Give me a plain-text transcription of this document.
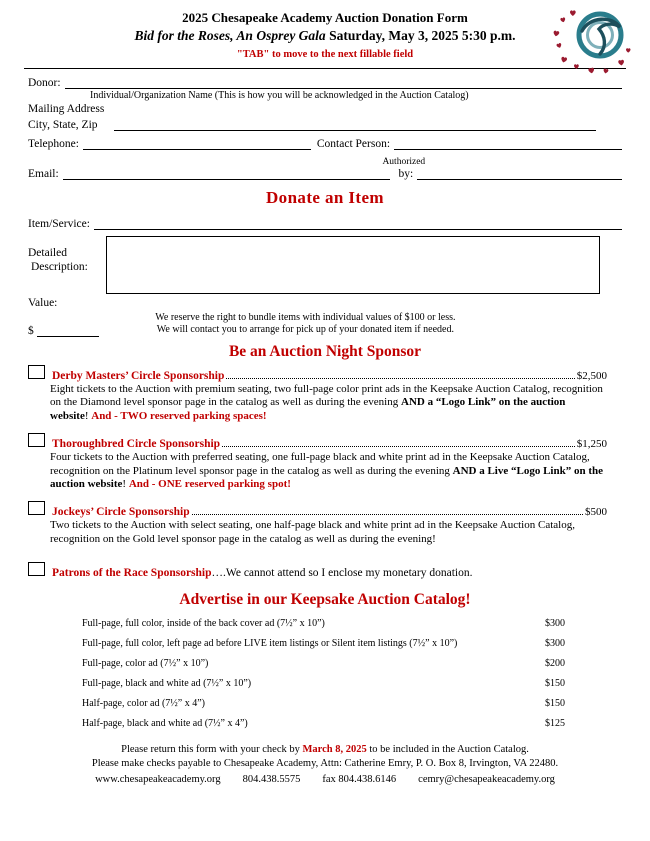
2025 Chesapeake Academy Auction Donation Form
Bid for the Roses, An Osprey Gala Saturday, May 3, 2025 5:30 p.m.
"TAB" to move to the next fillable field
Donor:
Individual/Organization Name (This is how you will be acknowledged in the Auction Catalog)
Mailing Address
City, State, Zip
Telephone:	Contact Person:
Email:
Authorized
by:
Donate an Item
Item/Service:
Detailed
Description:
Value:
$
We reserve the right to bundle items with individual values of $100 or less.
We will contact you to arrange for pick up of your donated item if needed.
Be an Auction Night Sponsor
Derby Masters’ Circle Sponsorship	$2,500
Eight tickets to the Auction with premium seating, two full-page color print ads in the Keepsake Auction Catalog, recognition on the Diamond level sponsor page in the catalog as well as during the evening AND a “Logo Link” on the auction website! And - TWO reserved parking spaces!
Thoroughbred Circle Sponsorship	$1,250
Four tickets to the Auction with preferred seating, one full-page black and white print ad in the Keepsake Auction Catalog, recognition on the Platinum level sponsor page in the catalog as well as during the evening AND a Live “Logo Link” on the auction website! And - ONE reserved parking spot!
Jockeys’ Circle Sponsorship	$500
Two tickets to the Auction with select seating, one half-page black and white print ad in the Keepsake Auction Catalog, recognition on the Gold level sponsor page in the catalog as well as during the evening!
Patrons of the Race Sponsorship ….We cannot attend so I enclose my monetary donation.
Advertise in our Keepsake Auction Catalog!
Full-page, full color, inside of the back cover ad (7½” x 10”)	$300
Full-page, full color, left page ad before LIVE item listings or Silent item listings (7½” x 10”)	$300
Full-page, color ad (7½” x 10”)	$200
Full-page, black and white ad (7½” x 10”)	$150
Half-page, color ad (7½” x 4”)	$150
Half-page, black and white ad (7½” x 4”)	$125
Please return this form with your check by March 8, 2025 to be included in the Auction Catalog.
Please make checks payable to Chesapeake Academy, Attn: Catherine Emry, P. O. Box 8, Irvington, VA 22480.
www.chesapeakeacademy.org 804.438.5575 fax 804.438.6146 cemry@chesapeakeacademy.org
